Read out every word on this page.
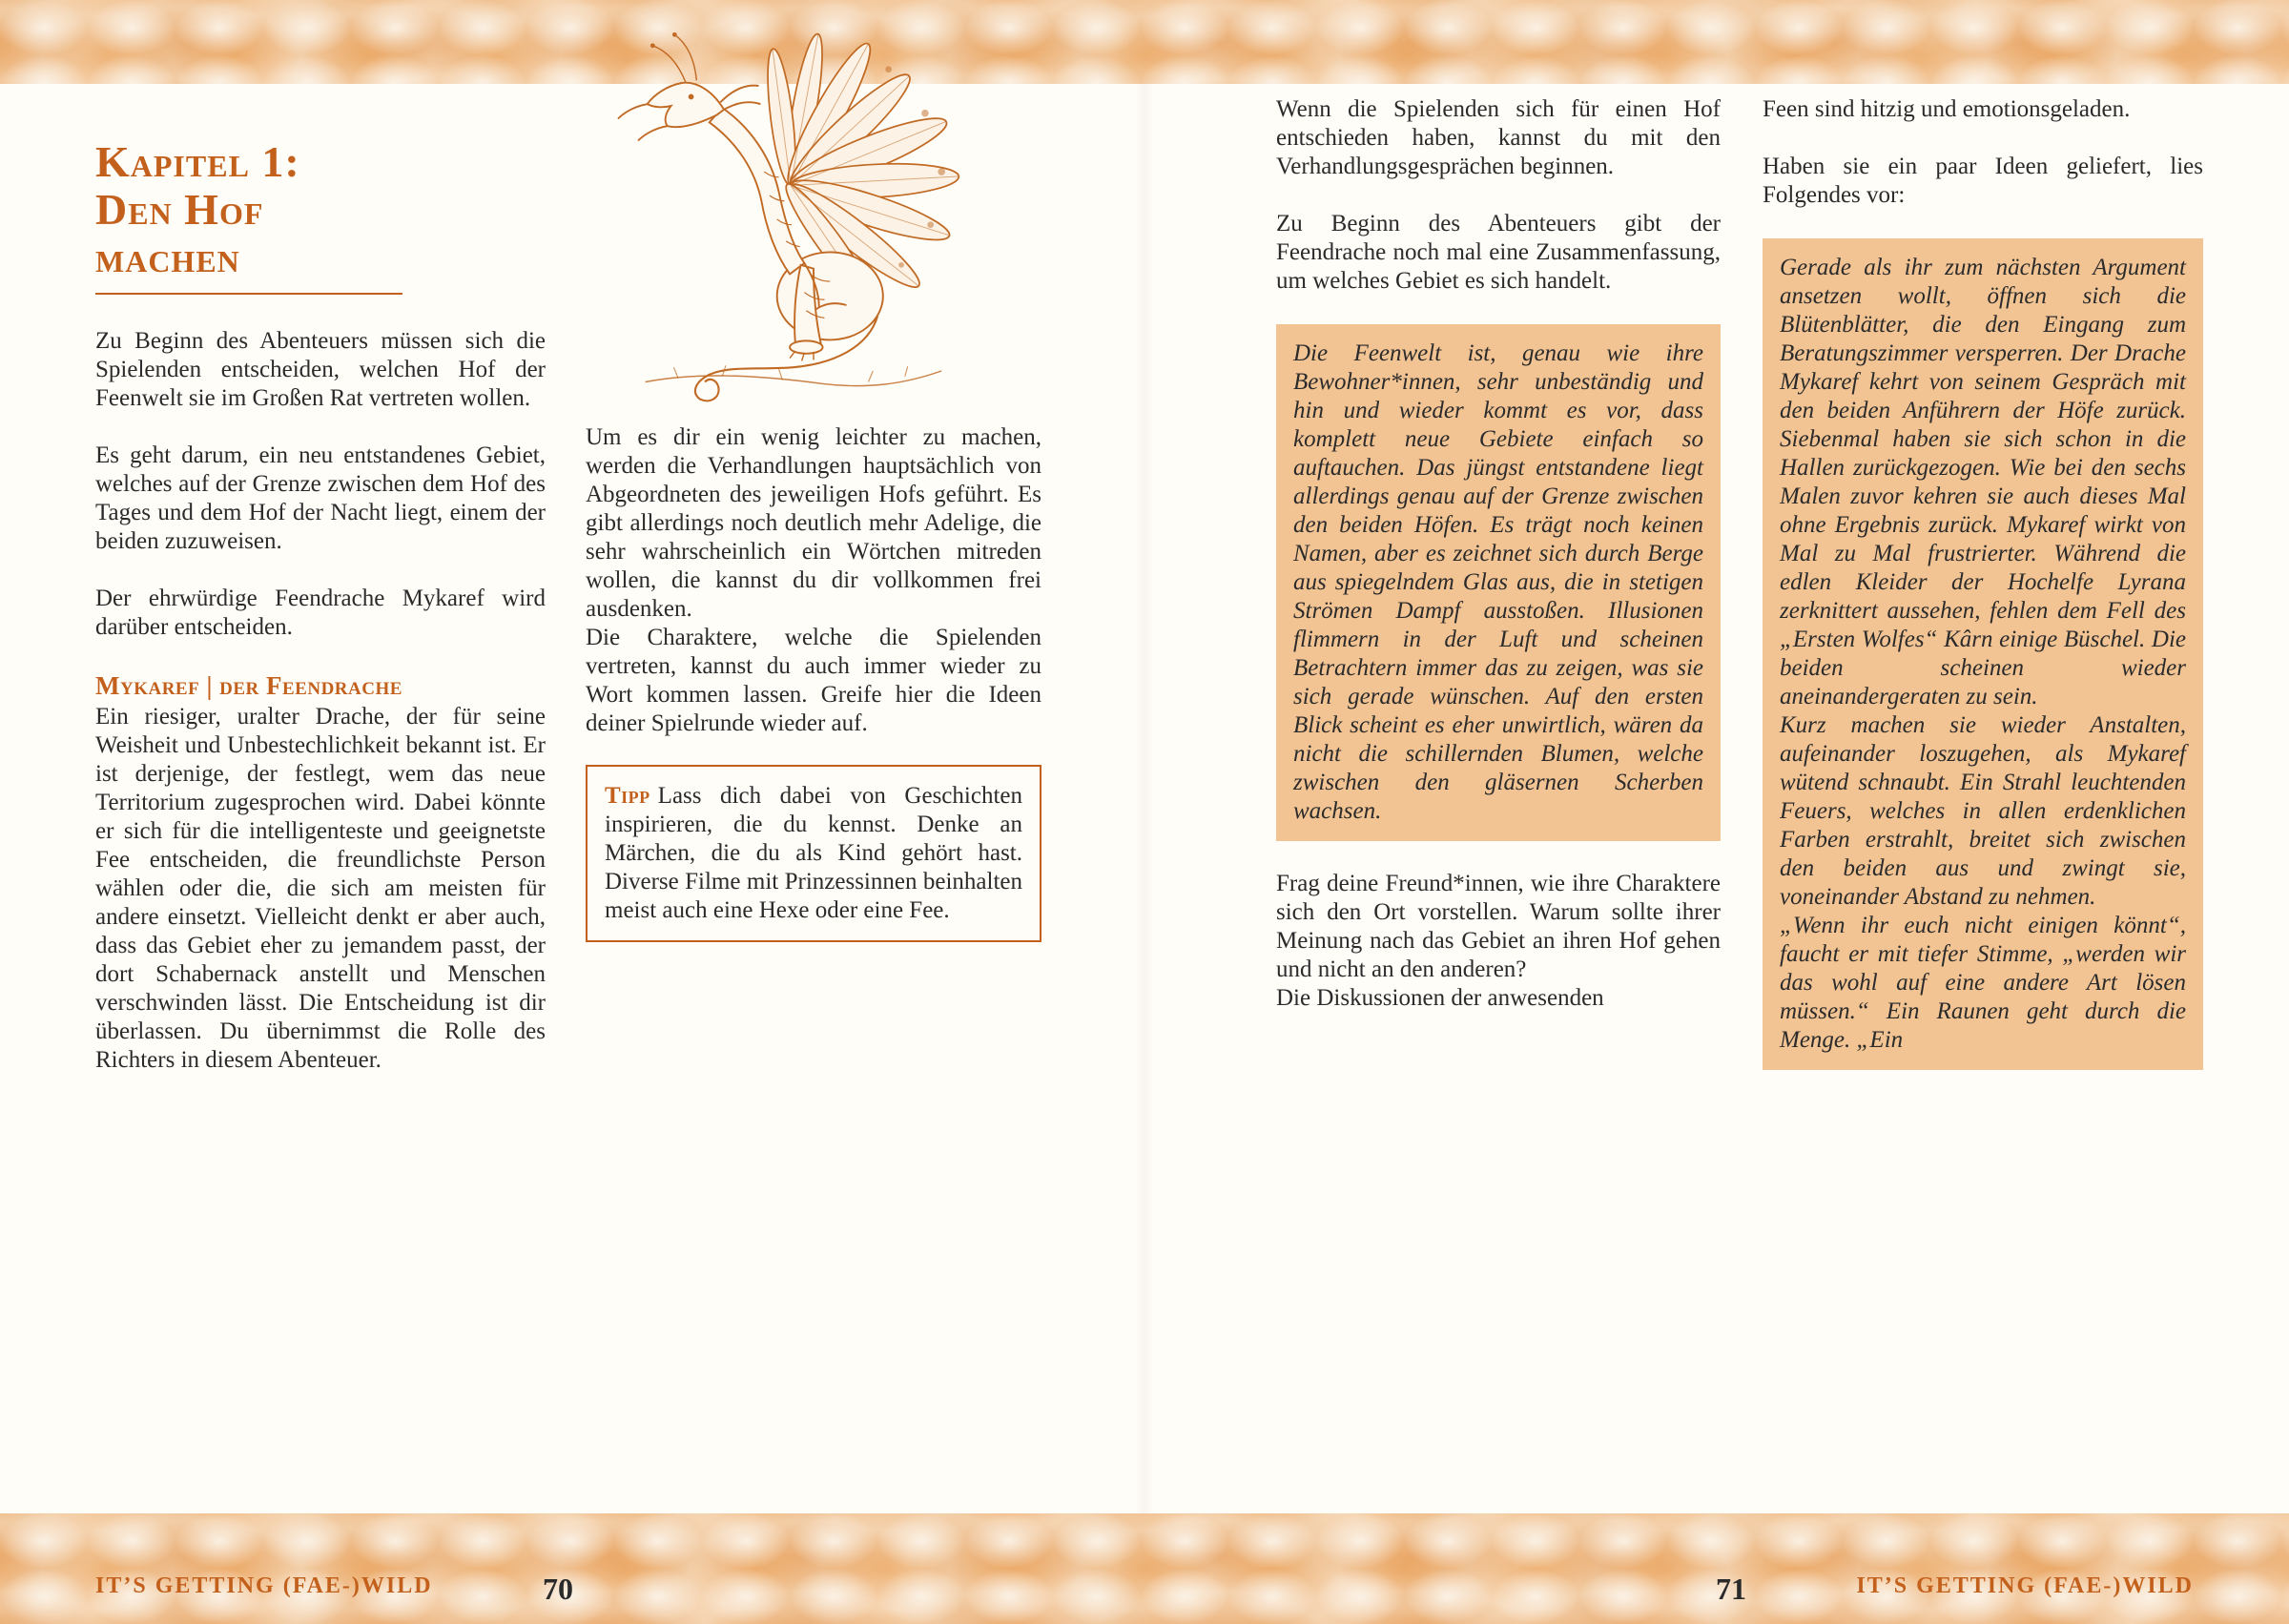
Kapitel 1:
Den Hof machen

Zu Beginn des Abenteuers müssen sich die Spielenden entscheiden, welchen Hof der Feenwelt sie im Großen Rat vertreten wollen.

Es geht darum, ein neu entstandenes Gebiet, welches auf der Grenze zwischen dem Hof des Tages und dem Hof der Nacht liegt, einem der beiden zuzuweisen.

Der ehrwürdige Feendrache Mykaref wird darüber entscheiden.

Mykaref | der Feendrache

Ein riesiger, uralter Drache, der für seine Weisheit und Unbestechlichkeit bekannt ist. Er ist derjenige, der festlegt, wem das neue Territorium zugesprochen wird. Dabei könnte er sich für die intelligenteste und geeignetste Fee entscheiden, die freundlichste Person wählen oder die, die sich am meisten für andere einsetzt. Vielleicht denkt er aber auch, dass das Gebiet eher zu jemandem passt, der dort Schabernack anstellt und Menschen verschwinden lässt. Die Entscheidung ist dir überlassen. Du übernimmst die Rolle des Richters in diesem Abenteuer.

Um es dir ein wenig leichter zu machen, werden die Verhandlungen hauptsächlich von Abgeordneten des jeweiligen Hofs geführt. Es gibt allerdings noch deutlich mehr Adelige, die sehr wahrscheinlich ein Wörtchen mitreden wollen, die kannst du dir vollkommen frei ausdenken.

Die Charaktere, welche die Spielenden vertreten, kannst du auch immer wieder zu Wort kommen lassen. Greife hier die Ideen deiner Spielrunde wieder auf.

Tipp Lass dich dabei von Geschichten inspirieren, die du kennst. Denke an Märchen, die du als Kind gehört hast. Diverse Filme mit Prinzessinnen beinhalten meist auch eine Hexe oder eine Fee.

Wenn die Spielenden sich für einen Hof entschieden haben, kannst du mit den Verhandlungsgesprächen beginnen.

Zu Beginn des Abenteuers gibt der Feendrache noch mal eine Zusammenfassung, um welches Gebiet es sich handelt.

Die Feenwelt ist, genau wie ihre Bewohner*innen, sehr unbeständig und hin und wieder kommt es vor, dass komplett neue Gebiete einfach so auftauchen. Das jüngst entstandene liegt allerdings genau auf der Grenze zwischen den beiden Höfen. Es trägt noch keinen Namen, aber es zeichnet sich durch Berge aus spiegelndem Glas aus, die in stetigen Strömen Dampf ausstoßen. Illusionen flimmern in der Luft und scheinen Betrachtern immer das zu zeigen, was sie sich gerade wünschen. Auf den ersten Blick scheint es eher unwirtlich, wären da nicht die schillernden Blumen, welche zwischen den gläsernen Scherben wachsen.

Frag deine Freund*innen, wie ihre Charaktere sich den Ort vorstellen. Warum sollte ihrer Meinung nach das Gebiet an ihren Hof gehen und nicht an den anderen?

Die Diskussionen der anwesenden

Feen sind hitzig und emotionsgeladen.

Haben sie ein paar Ideen geliefert, lies Folgendes vor:

Gerade als ihr zum nächsten Argument ansetzen wollt, öffnen sich die Blütenblätter, die den Eingang zum Beratungszimmer versperren. Der Drache Mykaref kehrt von seinem Gespräch mit den beiden Anführern der Höfe zurück. Siebenmal haben sie sich schon in die Hallen zurückgezogen. Wie bei den sechs Malen zuvor kehren sie auch dieses Mal ohne Ergebnis zurück. Mykaref wirkt von Mal zu Mal frustrierter. Während die edlen Kleider der Hochelfe Lyrana zerknittert aussehen, fehlen dem Fell des „Ersten Wolfes“ Kârn einige Büschel. Die beiden scheinen wieder aneinandergeraten zu sein.

Kurz machen sie wieder Anstalten, aufeinander loszugehen, als Mykaref wütend schnaubt. Ein Strahl leuchtenden Feuers, welches in allen erdenklichen Farben erstrahlt, breitet sich zwischen den beiden aus und zwingt sie, voneinander Abstand zu nehmen.

„Wenn ihr euch nicht einigen könnt“, faucht er mit tiefer Stimme, „werden wir das wohl auf eine andere Art lösen müssen.“ Ein Raunen geht durch die Menge. „Ein

IT’S GETTING (FAE-)WILD	70	71	IT’S GETTING (FAE-)WILD
